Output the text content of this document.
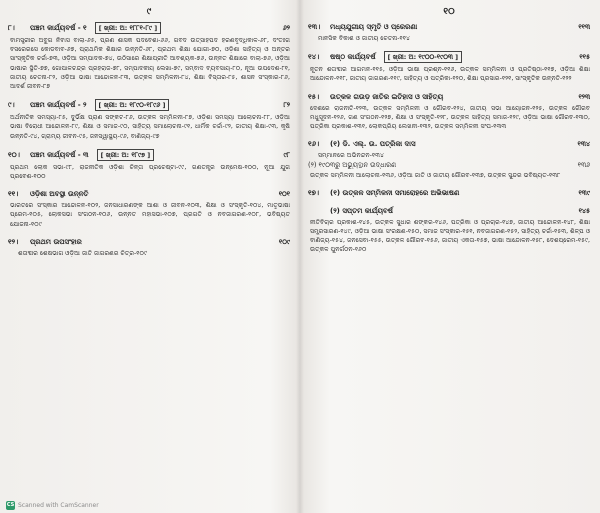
୯
୮।	ପଞ୍ଚମ କାର୍ଯ୍ୟବର୍ଷ - ୧	[ ଖ୍ରୀ: ଅ: ୧୮୮୧-୮୯ ]	୬୨
ବାମସ୍ତ୍ରୀର ଅବୁଗ ନିବାସ ବାଲା-୬୫, ପ୍ରଣ ଶାସକ ପଦବେଶା-୬୬, ଗବଦ ଉତ୍ସାହପଦ ହରଣବୃଦ୍ଧିକାଳ-୬୮, ଦଂତଃଗ ବସରେରସେ କୋଡବାବ-୬୭, ପ୍ରାଥମିକ ଶିକ୍ଷାର ଉନ୍ନତି-୬୮, ପ୍ରଥମ ଶିକ୍ଷା ଯୋଗୀ-୭୦, ଓଡ଼ିଶା ସାହିତ୍ୟ ଓ ଅନ୍ତର ସାଂସ୍କୃତିକ ଚର୍ଚ୍ଚା-୭୩, ଓଡ଼ିଆ ସମ୍ପାଦକ-୭୪, ଉଠିସାରେ ଶିକ୍ଷାପ୍ରୀତି ଆବଶ୍ୟକ-୭୬, ଉନ୍ନତ ଶିକ୍ଷାରେ ବାଲା-୭୬, ଓଡ଼ିଆ ଭାଷାର ସ୍ଥିତି-୭୭, ଗୋପାଳଚନ୍ଦ୍ର ପ୍ରହରାଜ-୭୮, ସମ୍ପାଦକୀୟ ଲେଖା-୭୯, ସମ୍ବାଦ ବ୍ୟବସାୟ-୮୦, ନୂଆ ଉପଦେଶ-୮୧, ଜାତୀୟ ଚେତନା-୮୨, ଓଡ଼ିଆ ଭାଷା ଆନ୍ଦୋଳନ-୮୩, ଉତ୍କଳ ସମ୍ମିଳନୀ-୮୪, ଶିକ୍ଷା ବିସ୍ତାର-୮୫, ଶାସନ ସଂସ୍କାର-୮୬, ଆଦର୍ଶ ଜୀବନ-୮୭
୯।	ପଞ୍ଚମ କାର୍ଯ୍ୟବର୍ଷ - ୨	[ ଖ୍ରୀ: ଅ: ୧୮୯୦-୧୮୯୬ ]	୮୨
ଅର୍ଥନୀତିକ ସମସ୍ୟା-୮୫, ଦୁର୍ଭିକ୍ଷ ପ୍ରାଣ ସଙ୍କଟ-୮୬, ଉତ୍କଳ ସମ୍ମିଳନୀ-୮୭, ଓଡ଼ିଶା ସମସ୍ୟା ଆଲୋଚନା-୮୮, ଓଡ଼ିଆ ଭାଷା ବିରୋଧୀ ଆନ୍ଦୋଳନ-୮୯, ଶିକ୍ଷା ଓ ସମାଜ-୯୦, ସାହିତ୍ୟ ସମାଲୋଚନା-୯୧, ଧାର୍ମିକ ଚର୍ଚ୍ଚା-୯୨, ଜାତୀୟ ଶିକ୍ଷା-୯୩, କୃଷି ଉନ୍ନତି-୯୪, ଗ୍ରାମ୍ୟ ଜୀବନ-୯୫, ଜନସ୍ୱାସ୍ଥ୍ୟ-୯୬, ବାଣିଜ୍ୟ-୯୭
୧୦।	ପଞ୍ଚମ କାର୍ଯ୍ୟବର୍ଷ - ୩	[ ଖ୍ରୀ: ଅ: ୧୮୯୭ ]	୯୮
ପ୍ରଥମ ଲୋକ ସଭା-୯୮, ରାଜନୀତିକ ଓଡ଼ିଶା ଚିନ୍ତା ପ୍ରଚେଷ୍ଟା-୯୯, ଗଣତନ୍ତ୍ର ଉନ୍ମେଷ-୧୦୦, ନୂଆ ଯୁଗ ପ୍ରବେଶ-୧୦୦
୧୧।	ଓଡ଼ିଶା ଅବସ୍ଥା ଉନ୍ନତି	୧୦୧
ଭାରତରେ ସଂସ୍କାର ଆନ୍ଦୋଳନ-୧୦୨, ଜନସାଧାରଣଙ୍କ ଆଶା ଓ ଜୀବନ-୧୦୩, ଶିକ୍ଷା ଓ ସଂସ୍କୃତି-୧୦୪, ମାତୃଭାଷା ପ୍ରେମ-୧୦୫, ଲୋକସଭା ସଂଗଠନ-୧୦୬, ଉନ୍ନତ ମହାସଭା-୧୦୭, ପ୍ରଗତି ଓ ନବଜାଗରଣ-୧୦୮, ଭବିଷ୍ୟତ ଯୋଜନା-୧୦୯
୧୨।	ପ୍ରଥମ ଉପସଂହାର	୧୦୯
ଶତାବ୍ଦୀର ଶେଷଭାଗ ଓଡ଼ିଆ ଜାତି ଜାଗରଣର ଚିତ୍ର-୧୦୯
୧୦
୧୩।	ମଧ୍ୟଯୁଗୀୟ ସ୍ମୃତି ଓ ପ୍ରେରଣା	୧୧୩
ମାନସିକ ବିକାଶ ଓ ଜାତୀୟ ଚେତନା-୧୧୪
୧୪।	ଷଷ୍ଠ କାର୍ଯ୍ୟବର୍ଷ	[ ଖ୍ରୀ: ଅ: ୧୯୦୦-୧୯୦୩ ]	୧୧୫
ନୂତନ ଶତାବ୍ଦୀର ଆଗମନ-୧୧୫, ଓଡ଼ିଆ ଭାଷା ପ୍ରଶ୍ନ-୧୧୬, ଉତ୍କଳ ସମ୍ମିଳନୀ ଓ ପ୍ରତିଷ୍ଠା-୧୧୭, ଓଡ଼ିଆ ଶିକ୍ଷା ଆନ୍ଦୋଳନ-୧୧୮, ଜାତୀୟ ଜାଗରଣ-୧୧୯, ସାହିତ୍ୟ ଓ ପତ୍ରିକା-୧୨୦, ଶିକ୍ଷା ପ୍ରସାର-୧୨୧, ସାଂସ୍କୃତିକ ଉନ୍ନତି-୧୨୨
୧୫।	ଉତ୍କଳ ଗଉଡ଼ ଜାତିର ଇତିହାସ ଓ ସାହିତ୍ୟ	୧୨୩
ଦେଶରେ ରାଜନୀତି-୧୨୩, ଉତ୍କଳ ସମ୍ମିଳନୀ ଓ ଗୌରବ-୧୨୪, ଜାତୀୟ ସଭା ଆୟୋଜନ-୧୨୫, ଉତ୍କଳ ଗୌରବ ମଧୁସୂଦନ-୧୨୬, ଗଣ ସଂଗଠନ-୧୨୭, ଶିକ୍ଷା ଓ ସଂସ୍କୃତି-୧୨୮, ଉତ୍କଳ ସାହିତ୍ୟ ସମାଜ-୧୨୯, ଓଡ଼ିଆ ଭାଷା ଗୌରବ-୧୩୦, ପତ୍ରିକା ପ୍ରକାଶ-୧୩୧, ଲୋକପ୍ରିୟ ଲେଖନୀ-୧୩୨, ଉତ୍କଳ ସମ୍ମିଳନୀ ସଂଘ-୧୩୩
୧୬।	(୧) ଡି. ଏଲ୍. ଉ. ପତ୍ରିକା ଦାସ	୧୩୪
ସମ୍ମାନରେ ଅଭିନନ୍ଦନ-୧୩୪
(୨) ୧୯୦୩ରୁ ଅଭ୍ୟୁତ୍ଥାନ ଉଦ୍ଧାରଣ	୧୩୬
ଉତ୍କଳ ସମ୍ମିଳନୀ ଆଲୋଚନା-୧୩୬, ଓଡ଼ିଆ ଜାତି ଓ ଜାତୀୟ ଗୌରବ-୧୩୭, ଉତ୍କଳ ସୁନ୍ଦର ଭବିଷ୍ୟତ-୧୩୮
୧୭।	(୧) ଉତ୍କଳ ସମ୍ମିଳନୀ ସମାରୋହରେ ଅଭିଭାଷଣ	୧୩୯
(୨) ସପ୍ତମ କାର୍ଯ୍ୟବର୍ଷ	୧୪୫
ନୀତିବିଚାର ପ୍ରକାଶ-୧୪୫, ଉତ୍କଳ ସୁଧାର ଶଙ୍କର-୧୪୬, ପତ୍ରିକା ଓ ପ୍ରଚାର-୧୪୭, ଜାତୀୟ ଆନ୍ଦୋଳନ-୧୪୮, ଶିକ୍ଷା ସମ୍ପ୍ରସାରଣ-୧୪୯, ଓଡ଼ିଆ ଭାଷା ସଂରକ୍ଷଣ-୧୫୦, ସମାଜ ସଂସ୍କାର-୧୫୧, ନବଜାଗରଣ-୧୫୨, ସାହିତ୍ୟ ଚର୍ଚ୍ଚା-୧୫୩, ଶିଳ୍ପ ଓ ବାଣିଜ୍ୟ-୧୫୪, ଜନସେବା-୧୫୫, ଉତ୍କଳ ଗୌରବ-୧୫୬, ଜାତୀୟ ଏକତା-୧୫୭, ଭାଷା ଆନ୍ଦୋଳନ-୧୫୮, ଦେଶପ୍ରେମ-୧୫୯, ଉତ୍କଳ ପୁନର୍ଗଠନ-୧୬୦
CS Scanned with CamScanner
